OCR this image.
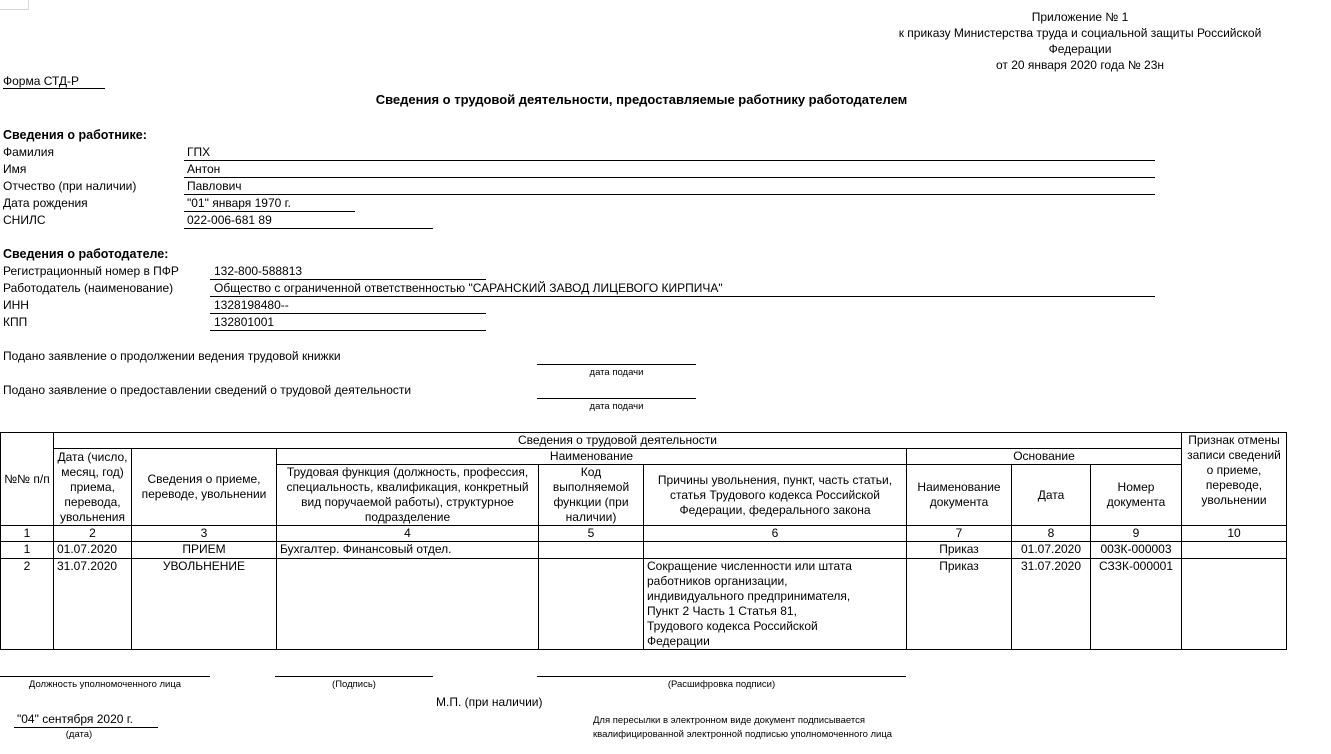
Приложение № 1
к приказу Министерства труда и социальной защиты Российской
Федерации
от 20 января 2020 года № 23н
Форма СТД-Р
Сведения о трудовой деятельности, предоставляемые работнику работодателем
Сведения о работнике:
Фамилия	ГПХ
Имя	Антон
Отчество (при наличии)	Павлович
Дата рождения	"01" января 1970 г.
СНИЛС	022-006-681 89
Сведения о работодателе:
Регистрационный номер в ПФР	132-800-588813
Работодатель (наименование)	Общество с ограниченной ответственностью "САРАНСКИЙ ЗАВОД ЛИЦЕВОГО КИРПИЧА"
ИНН	1328198480--
КПП	132801001
Подано заявление о продолжении ведения трудовой книжки
дата подачи
Подано заявление о предоставлении сведений о трудовой деятельности
дата подачи
№№ п/п	Сведения о трудовой деятельности								Признак отмены записи сведений о приеме, переводе, увольнении
	Дата (число, месяц, год) приема, перевода, увольнения	Сведения о приеме, переводе, увольнении	Наименование			Основание			
			Трудовая функция (должность, профессия, специальность, квалификация, конкретный вид поручаемой работы), структурное подразделение	Код выполняемой функции (при наличии)	Причины увольнения, пункт, часть статьи, статья Трудового кодекса Российской Федерации, федерального закона	Наименование документа	Дата	Номер документа	
1	2	3	4	5	6	7	8	9	10
1	01.07.2020	ПРИЕМ	Бухгалтер. Финансовый отдел.			Приказ	01.07.2020	003К-000003	
2	31.07.2020	УВОЛЬНЕНИЕ			Сокращение численности или штата работников организации, индивидуального предпринимателя, Пункт 2 Часть 1 Статья 81, Трудового кодекса Российской Федерации	Приказ	31.07.2020	СЗЗК-000001	
Должность уполномоченного лица	(Подпись)	(Расшифровка подписи)
М.П. (при наличии)
"04" сентября 2020 г.
(дата)
Для пересылки в электронном виде документ подписывается
квалифицированной электронной подписью уполномоченного лица
